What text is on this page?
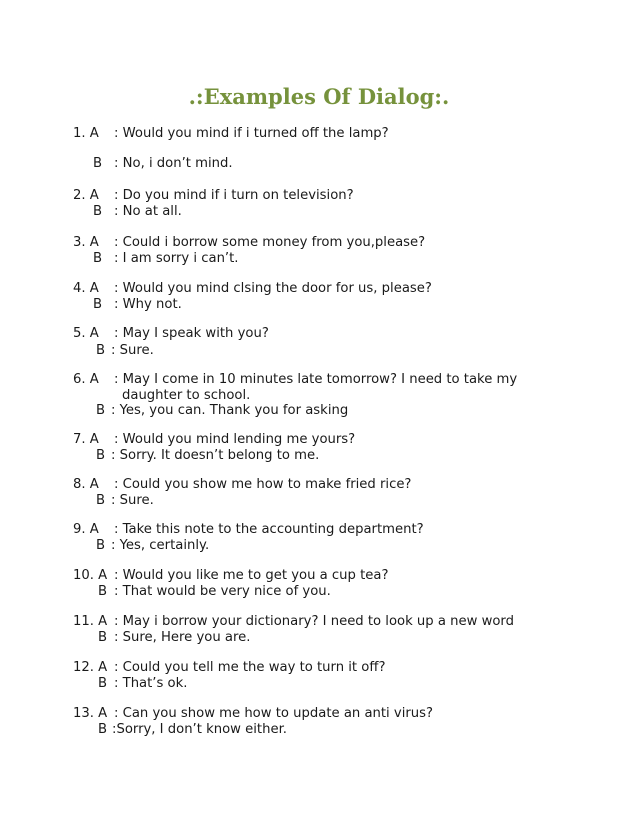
.:Examples Of Dialog:.
1. A : Would you mind if i turned off the lamp?
B : No, i don’t mind.
2. A : Do you mind if i turn on television?
B : No at all.
3. A : Could i borrow some money from you,please?
B : I am sorry i can’t.
4. A : Would you mind clsing the door for us, please?
B : Why not.
5. A : May I speak with you?
B : Sure.
6. A : May I come in 10 minutes late tomorrow? I need to take my
daughter to school.
B : Yes, you can. Thank you for asking
7. A : Would you mind lending me yours?
B : Sorry. It doesn’t belong to me.
8. A : Could you show me how to make fried rice?
B : Sure.
9. A : Take this note to the accounting department?
B : Yes, certainly.
10. A : Would you like me to get you a cup tea?
B : That would be very nice of you.
11. A : May i borrow your dictionary? I need to look up a new word
B : Sure, Here you are.
12. A : Could you tell me the way to turn it off?
B : That’s ok.
13. A : Can you show me how to update an anti virus?
B :Sorry, I don’t know either.
